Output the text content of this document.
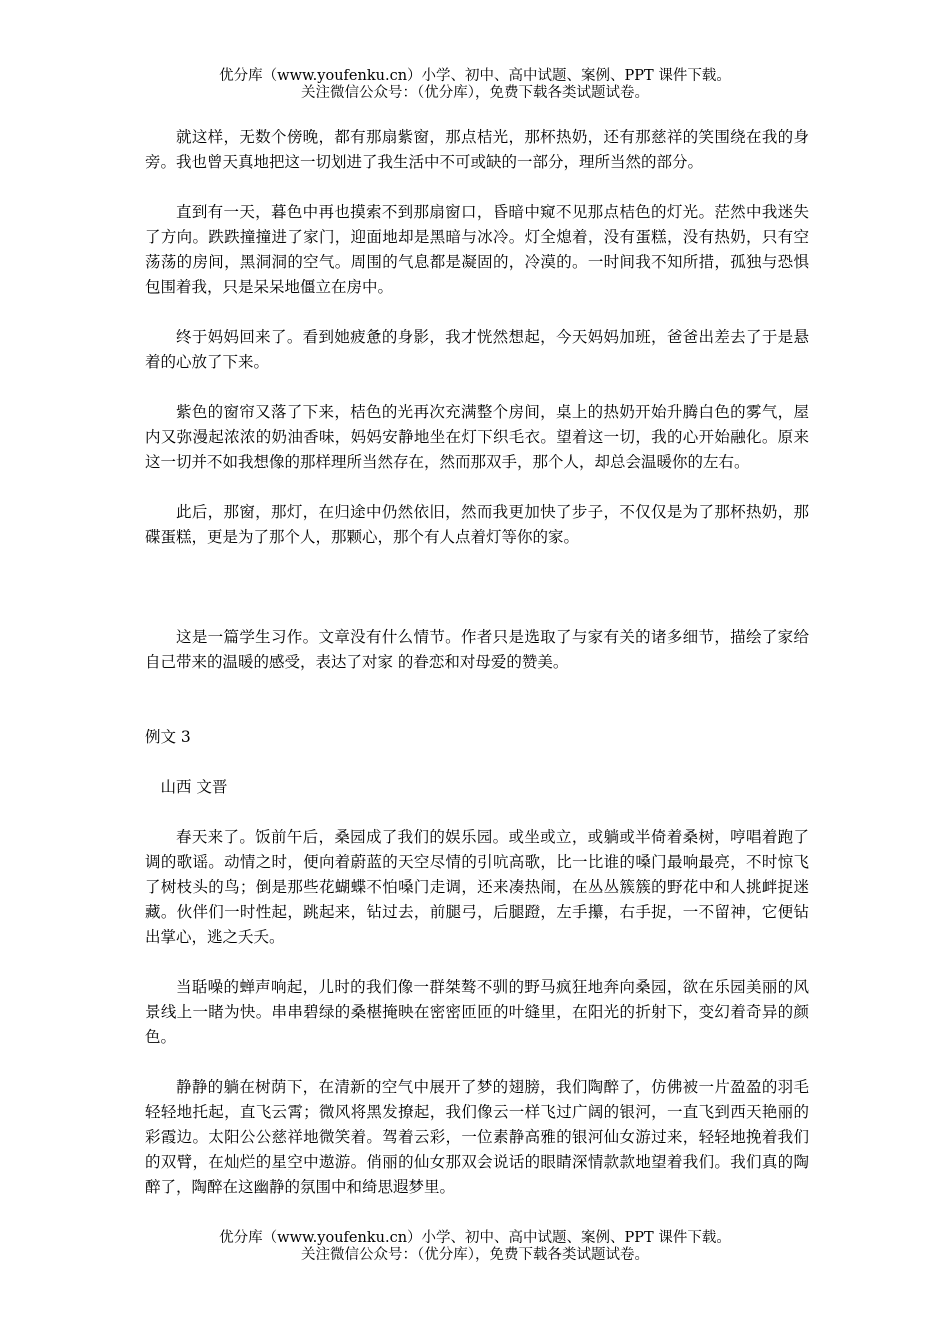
优分库（www.youfenku.cn）小学、初中、高中试题、案例、PPT 课件下载。
关注微信公众号：（优分库），免费下载各类试题试卷。

就这样，无数个傍晚，都有那扇紫窗，那点桔光，那杯热奶，还有那慈祥的笑围绕在我的身旁。我也曾天真地把这一切划进了我生活中不可或缺的一部分，理所当然的部分。

直到有一天，暮色中再也摸索不到那扇窗口，昏暗中窥不见那点桔色的灯光。茫然中我迷失了方向。跌跌撞撞进了家门，迎面地却是黑暗与冰冷。灯全熄着，没有蛋糕，没有热奶，只有空荡荡的房间，黑洞洞的空气。周围的气息都是凝固的，冷漠的。一时间我不知所措，孤独与恐惧包围着我，只是呆呆地僵立在房中。

终于妈妈回来了。看到她疲惫的身影，我才恍然想起，今天妈妈加班，爸爸出差去了于是悬着的心放了下来。

紫色的窗帘又落了下来，桔色的光再次充满整个房间，桌上的热奶开始升腾白色的雾气，屋内又弥漫起浓浓的奶油香味，妈妈安静地坐在灯下织毛衣。望着这一切，我的心开始融化。原来这一切并不如我想像的那样理所当然存在，然而那双手，那个人，却总会温暖你的左右。

此后，那窗，那灯，在归途中仍然依旧，然而我更加快了步子，不仅仅是为了那杯热奶，那碟蛋糕，更是为了那个人，那颗心，那个有人点着灯等你的家。

这是一篇学生习作。文章没有什么情节。作者只是选取了与家有关的诸多细节，描绘了家给自己带来的温暖的感受，表达了对家 的眷恋和对母爱的赞美。

例文 3

山西 文晋

春天来了。饭前午后，桑园成了我们的娱乐园。或坐或立，或躺或半倚着桑树，哼唱着跑了调的歌谣。动情之时，便向着蔚蓝的天空尽情的引吭高歌，比一比谁的嗓门最响最亮，不时惊飞了树枝头的鸟；倒是那些花蝴蝶不怕嗓门走调，还来凑热闹，在丛丛簇簇的野花中和人挑衅捉迷藏。伙伴们一时性起，跳起来，钻过去，前腿弓，后腿蹬，左手攥，右手捉，一不留神，它便钻出掌心，逃之夭夭。

当聒噪的蝉声响起，儿时的我们像一群桀骜不驯的野马疯狂地奔向桑园，欲在乐园美丽的风景线上一睹为快。串串碧绿的桑椹掩映在密密匝匝的叶缝里，在阳光的折射下，变幻着奇异的颜色。

静静的躺在树荫下，在清新的空气中展开了梦的翅膀，我们陶醉了，仿佛被一片盈盈的羽毛轻轻地托起，直飞云霄；微风将黑发撩起，我们像云一样飞过广阔的银河，一直飞到西天艳丽的彩霞边。太阳公公慈祥地微笑着。驾着云彩，一位素静高雅的银河仙女游过来，轻轻地挽着我们的双臂，在灿烂的星空中遨游。俏丽的仙女那双会说话的眼睛深情款款地望着我们。我们真的陶醉了，陶醉在这幽静的氛围中和绮思遐梦里。

优分库（www.youfenku.cn）小学、初中、高中试题、案例、PPT 课件下载。
关注微信公众号：（优分库），免费下载各类试题试卷。
